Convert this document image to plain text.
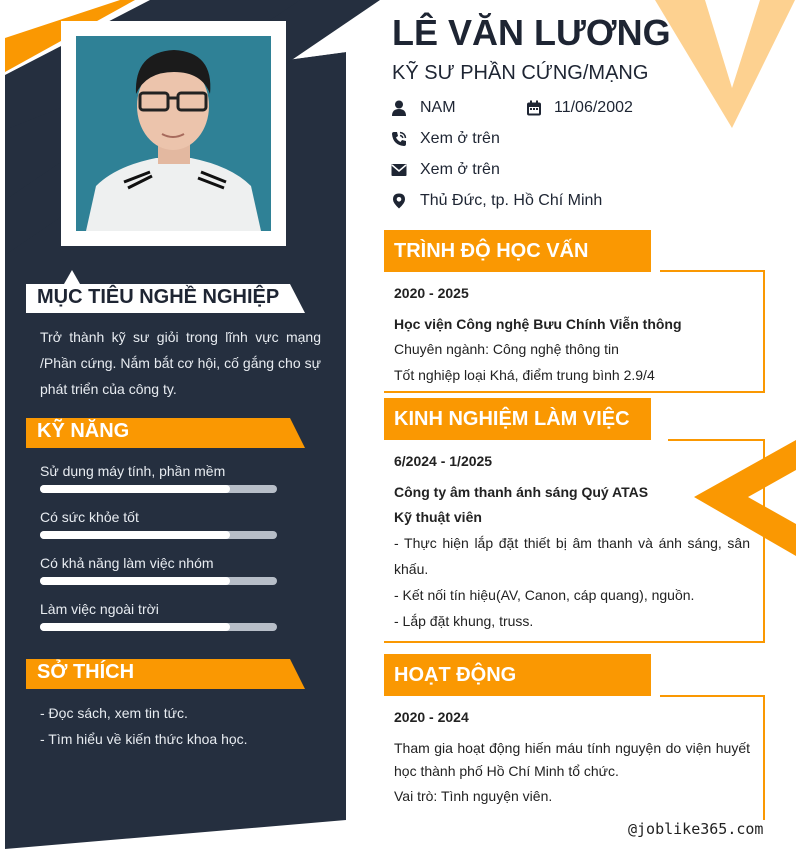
LÊ VĂN LƯƠNG
KỸ SƯ PHẦN CỨNG/MẠNG
NAM	11/06/2002
Xem ở trên
Xem ở trên
Thủ Đức, tp. Hồ Chí Minh
MỤC TIÊU NGHỀ NGHIỆP
Trở thành kỹ sư giỏi trong lĩnh vực mạng
/Phần cứng. Nắm bắt cơ hội, cố gắng cho sự
phát triển của công ty.
KỸ NĂNG
Sử dụng máy tính, phần mềm
Có sức khỏe tốt
Có khả năng làm việc nhóm
Làm việc ngoài trời
SỞ THÍCH
- Đọc sách, xem tin tức.
- Tìm hiểu về kiến thức khoa học.
TRÌNH ĐỘ HỌC VẤN
2020 - 2025
Học viện Công nghệ Bưu Chính Viễn thông
Chuyên ngành: Công nghệ thông tin
Tốt nghiệp loại Khá, điểm trung bình 2.9/4
KINH NGHIỆM LÀM VIỆC
6/2024 - 1/2025
Công ty âm thanh ánh sáng Quý ATAS
Kỹ thuật viên
- Thực hiện lắp đặt thiết bị âm thanh và ánh sáng, sân
khấu.
- Kết nối tín hiệu(AV, Canon, cáp quang), nguồn.
- Lắp đặt khung, truss.
HOẠT ĐỘNG
2020 - 2024
Tham gia hoạt động hiến máu tính nguyện do viện huyết
học thành phố Hồ Chí Minh tổ chức.
Vai trò: Tình nguyện viên.
@joblike365.com
